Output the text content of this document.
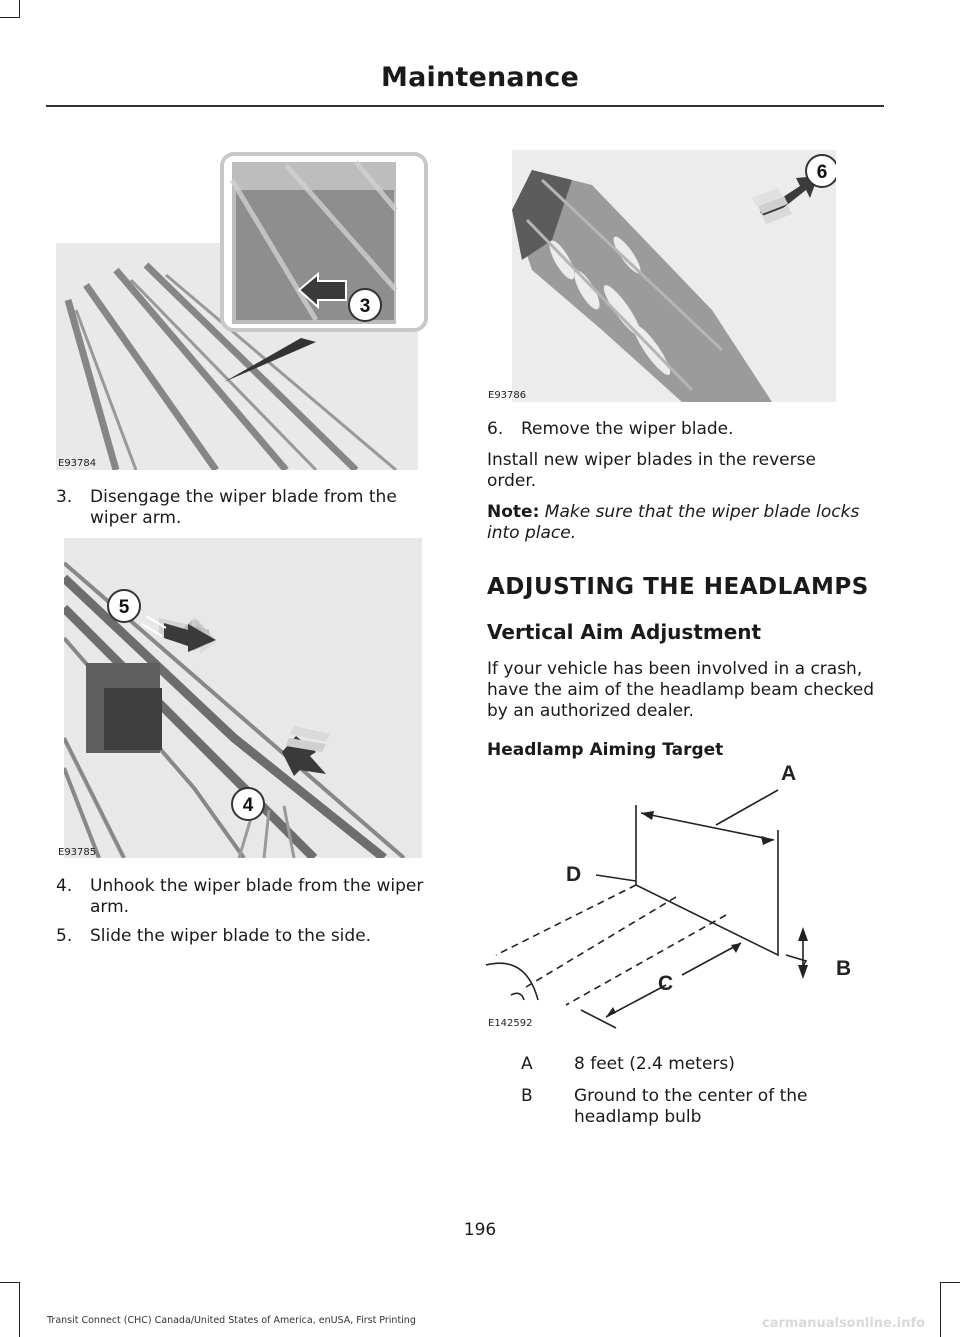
Maintenance
3
E93784
3. Disengage the wiper blade from the wiper arm.
5
4
E93785
4. Unhook the wiper blade from the wiper arm.
5. Slide the wiper blade to the side.
6
E93786
6. Remove the wiper blade.
Install new wiper blades in the reverse order.
Note: Make sure that the wiper blade locks into place.
ADJUSTING THE HEADLAMPS
Vertical Aim Adjustment
If your vehicle has been involved in a crash, have the aim of the headlamp beam checked by an authorized dealer.
Headlamp Aiming Target
A
B
C
D
E142592
A 8 feet (2.4 meters)
B Ground to the center of the headlamp bulb
196
Transit Connect (CHC) Canada/United States of America, enUSA, First Printing	carmanualsonline.info
